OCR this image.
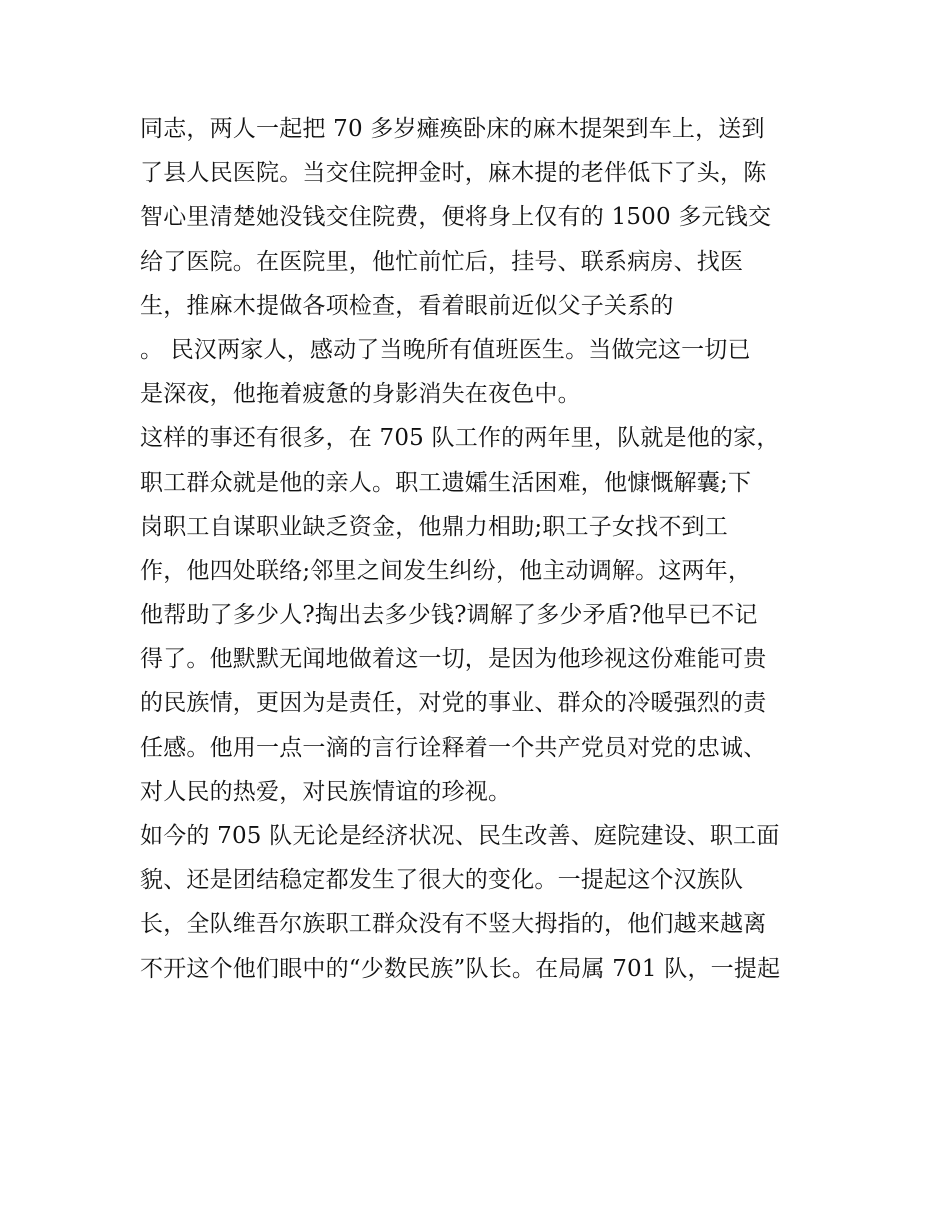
同志，两人一起把 70 多岁瘫痪卧床的麻木提架到车上，送到
了县人民医院。当交住院押金时，麻木提的老伴低下了头，陈
智心里清楚她没钱交住院费，便将身上仅有的 1500 多元钱交
给了医院。在医院里，他忙前忙后，挂号、联系病房、找医
生，推麻木提做各项检查，看着眼前近似父子关系的
。 民汉两家人，感动了当晚所有值班医生。当做完这一切已
是深夜，他拖着疲惫的身影消失在夜色中。
这样的事还有很多，在 705 队工作的两年里，队就是他的家，
职工群众就是他的亲人。职工遗孀生活困难，他慷慨解囊;下
岗职工自谋职业缺乏资金，他鼎力相助;职工子女找不到工
作，他四处联络;邻里之间发生纠纷，他主动调解。这两年，
他帮助了多少人?掏出去多少钱?调解了多少矛盾?他早已不记
得了。他默默无闻地做着这一切，是因为他珍视这份难能可贵
的民族情，更因为是责任，对党的事业、群众的冷暖强烈的责
任感。他用一点一滴的言行诠释着一个共产党员对党的忠诚、
对人民的热爱，对民族情谊的珍视。
如今的 705 队无论是经济状况、民生改善、庭院建设、职工面
貌、还是团结稳定都发生了很大的变化。一提起这个汉族队
长，全队维吾尔族职工群众没有不竖大拇指的，他们越来越离
不开这个他们眼中的“少数民族”队长。在局属 701 队，一提起
